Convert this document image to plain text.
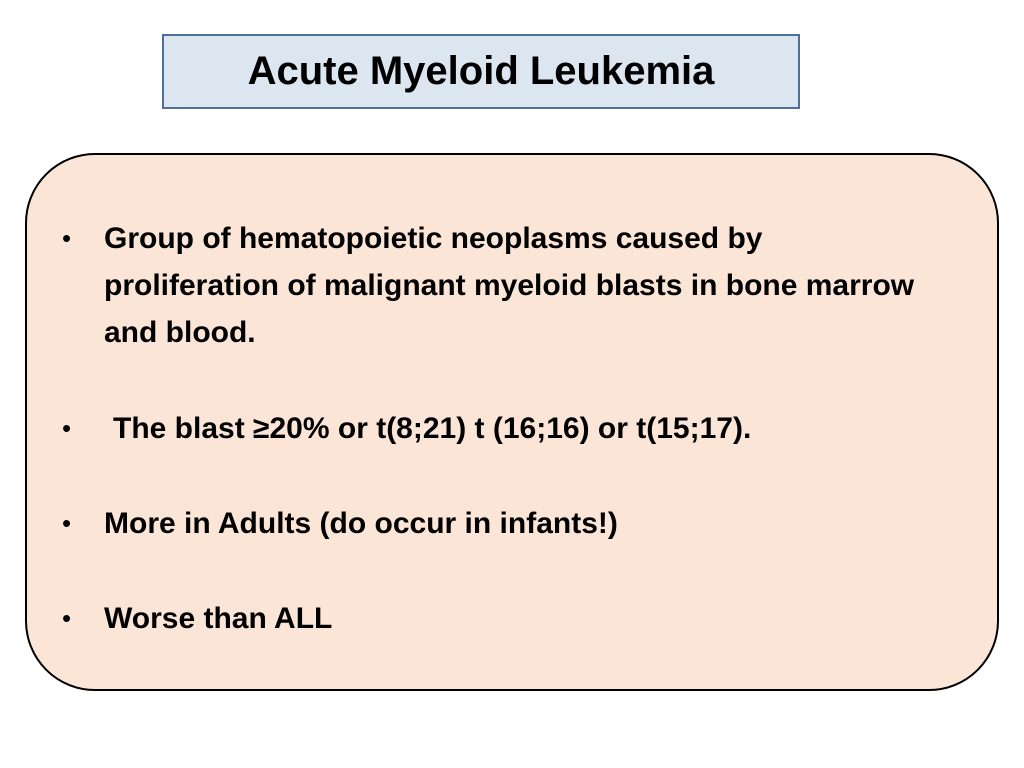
Acute Myeloid Leukemia
•	Group of hematopoietic neoplasms caused by proliferation of malignant myeloid blasts in bone marrow and blood.
•	The blast ≥20% or t(8;21) t (16;16) or t(15;17).
•	More in Adults (do occur in infants!)
•	Worse than ALL
